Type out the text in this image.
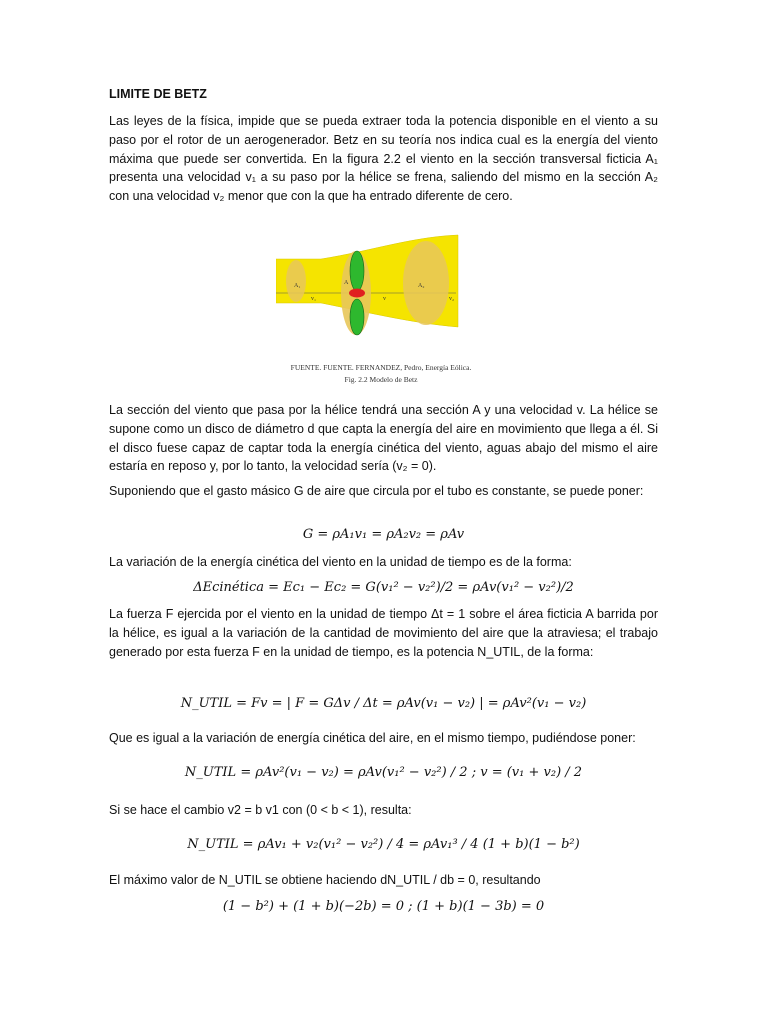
LIMITE DE BETZ
Las leyes de la física, impide que se pueda extraer toda la potencia disponible en el viento a su paso por el rotor de un aerogenerador. Betz en su teoría nos indica cual es la energía del viento máxima que puede ser convertida. En la figura 2.2 el viento en la sección transversal ficticia A₁ presenta una velocidad v₁ a su paso por la hélice se frena, saliendo del mismo en la sección A₂ con una velocidad v₂ menor que con la que ha entrado diferente de cero.
A₁
v₁
A
v
A₂
v₂
FUENTE. FUENTE. FERNANDEZ, Pedro, Energía Eólica.
Fig. 2.2 Modelo de Betz
La sección del viento que pasa por la hélice tendrá una sección A y una velocidad v. La hélice se supone como un disco de diámetro d que capta la energía del aire en movimiento que llega a él. Si el disco fuese capaz de captar toda la energía cinética del viento, aguas abajo del mismo el aire estaría en reposo y, por lo tanto, la velocidad sería (v₂ = 0).
Suponiendo que el gasto másico G de aire que circula por el tubo es constante, se puede poner:
G = ρA₁v₁ = ρA₂v₂ = ρAv
La variación de la energía cinética del viento en la unidad de tiempo es de la forma:
ΔEcinética = Ec₁ − Ec₂ = G(v₁² − v₂²)/2 = ρAv(v₁² − v₂²)/2
La fuerza F ejercida por el viento en la unidad de tiempo Δt = 1 sobre el área ficticia A barrida por la hélice, es igual a la variación de la cantidad de movimiento del aire que la atraviesa; el trabajo generado por esta fuerza F en la unidad de tiempo, es la potencia N_UTIL, de la forma:
N_UTIL = Fv = | F = GΔv / Δt = ρAv(v₁ − v₂) | = ρAv²(v₁ − v₂)
Que es igual a la variación de energía cinética del aire, en el mismo tiempo, pudiéndose poner:
N_UTIL = ρAv²(v₁ − v₂) = ρAv(v₁² − v₂²) / 2 ; v = (v₁ + v₂) / 2
Si se hace el cambio v2 = b v1 con (0 < b < 1), resulta:
N_UTIL = ρAv₁ + v₂(v₁² − v₂²) / 4 = ρAv₁³ / 4 (1 + b)(1 − b²)
El máximo valor de N_UTIL se obtiene haciendo dN_UTIL / db = 0, resultando
(1 − b²) + (1 + b)(−2b) = 0 ; (1 + b)(1 − 3b) = 0
